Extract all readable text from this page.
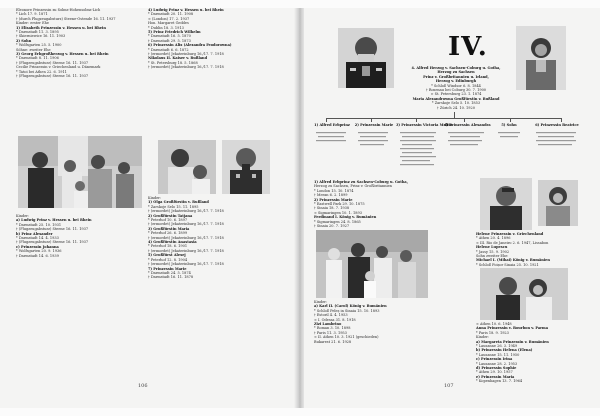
Eleonore Prinzessin zu Solms-Hohensolms-Lich
* Lich 17. 9. 1871
† (durch Flugzeugabsturz) Steene-Ostende 16. 11. 1937
Kinder: erster Ehe
1) Elisabeth Prinzessin v. Hessen u. bei Rhein
* Darmstadt 11. 3. 1895
† Skierniewice 16. 11. 1903
2) Sohn
* Wolfsgarten 25. 5. 1900
Söhne: zweiter Ehe
3) Georg Erbgroßherzog v. Hessen u. bei Rhein
* Darmstadt 8. 11. 1906
† (Flugzeugabsturz) Steene 16. 11. 1937
Cecilie Prinzessin v. Griechenland u. Dänemark
* Tatoi bei Athen 22. 6. 1911
† (Flugzeugabsturz) Steene 16. 11. 1937
4) Ludwig Prinz v. Hessen u. bei Rhein
* Darmstadt 20. 11. 1908
∞ (London) 17. 2. 1937
Hon. Margaret Geddes
* Dublin 18. 3. 1913
5) Prinz Friedrich Wilhelm
* Darmstadt 16. 5. 1870
† Darmstadt 29. 5. 1873
6) Prinzessin Alix (Alexandra Feodorowna)
* Darmstadt 6. 6. 1872
† (ermordet) Jekaterinburg 16./17. 7. 1918
Nikolaus II. Kaiser v. Rußland
* St. Petersburg 18. 5. 1868
† (ermordet) Jekaterinburg 16./17. 7. 1918
Kinder:
a) Ludwig Prinz v. Hessen u. bei Rhein
* Darmstadt 25. 10. 1931
† (Flugzeugabsturz) Steene 16. 11. 1937
b) Prinz Alexander
* Darmstadt 14. 4. 1933
† (Flugzeugabsturz) Steene 16. 11. 1937
c) Prinzessin Johanna
* Wolfsgarten 20. 9. 1936
† Darmstadt 14. 6. 1939
Kinder:
1) Olga Großfürstin v. Rußland
* Zarskoje Selo 15. 11. 1895
† (ermordet) Jekaterinburg 16./17. 7. 1918
2) Großfürstin Tatjana
* Peterhof 10. 6. 1897
† (ermordet) Jekaterinburg 16./17. 7. 1918
3) Großfürstin Maria
* Peterhof 26. 6. 1899
† (ermordet) Jekaterinburg 16./17. 7. 1918
4) Großfürstin Anastasia
* Peterhof 18. 6. 1901
† (ermordet) Jekaterinburg 16./17. 7. 1918
5) Großfürst Alexej
* Peterhof 12. 8. 1904
† (ermordet) Jekaterinburg 16./17. 7. 1918
7) Prinzessin Marie
* Darmstadt 24. 5. 1874
† Darmstadt 16. 11. 1878
106
IV.
4. Alfred Herzog v. Sachsen-Coburg u. Gotha,
Herzog zu Sachsen
Prinz v. Großbritannien u. Irland,
Herzog v. Edinburgh
* Schloß Windsor 6. 8. 1844
† Rosenau bei Coburg 30. 7. 1900
∞ St. Petersburg 23. 1. 1874
Maria Alexandrowna Großfürstin v. Rußland
* Zarskoje Selo 5. 10. 1853
† Zürich 24. 10. 1920
1) Alfred Erbprinz	2) Prinzessin Marie 3) Prinzessin Victoria Melita
4) Prinzessin Alexandra	5) Sohn	6) Prinzessin Beatrice
1) Alfred Erbprinz zu Sachsen-Coburg u. Gotha,
Herzog zu Sachsen, Prinz v. Großbritannien
* London 15. 10. 1874
† Meran 6. 2. 1899
2) Prinzessin Marie
* Eastwell Park 29. 10. 1875
† Sinaia 18. 7. 1938
∞ Sigmaringen 10. 1. 1893
Ferdinand I. König v. Rumänien
* Sigmaringen 24. 8. 1865
† Sinaia 20. 7. 1927
Helene Prinzessin v. Griechenland
* Athen 20. 4. 1896
∞ III. Rio de Janeiro 2. 6. 1947, Lissabon
Helene Lupescu
* Jassy 15. 9. 1902
Sohn zweiter Ehe:
Michael I. (Mihai) König v. Rumänien
* Schloß Foișor Sinaia 25. 10. 1921
∞ Athen 10. 6. 1948
Anna Prinzessin v. Bourbon v. Parma
* Paris 18. 9. 1923
Kinder:
a) Margareta Prinzessin v. Rumänien
* Lausanne 26. 3. 1949
b) Prinzessin Helena (Elena)
* Lausanne 15. 11. 1950
c) Prinzessin Irina
* Lausanne 28. 2. 1953
d) Prinzessin Sophie
* Athen 29. 10. 1957
e) Prinzessin Maria
* Kopenhagen 13. 7. 1964
Kinder:
a) Karl II. (Carol) König v. Rumänien
* Schloß Peleș in Sinaia 15. 10. 1893
† Estoril 4. 4. 1953
∞ I. Odessa 31. 8. 1918
Zizi Lambrino
* Roman 3. 10. 1898
† Paris 11. 3. 1953
∞ II. Athen 10. 3. 1921 (geschieden)
Bukarest 21. 6. 1928
107
